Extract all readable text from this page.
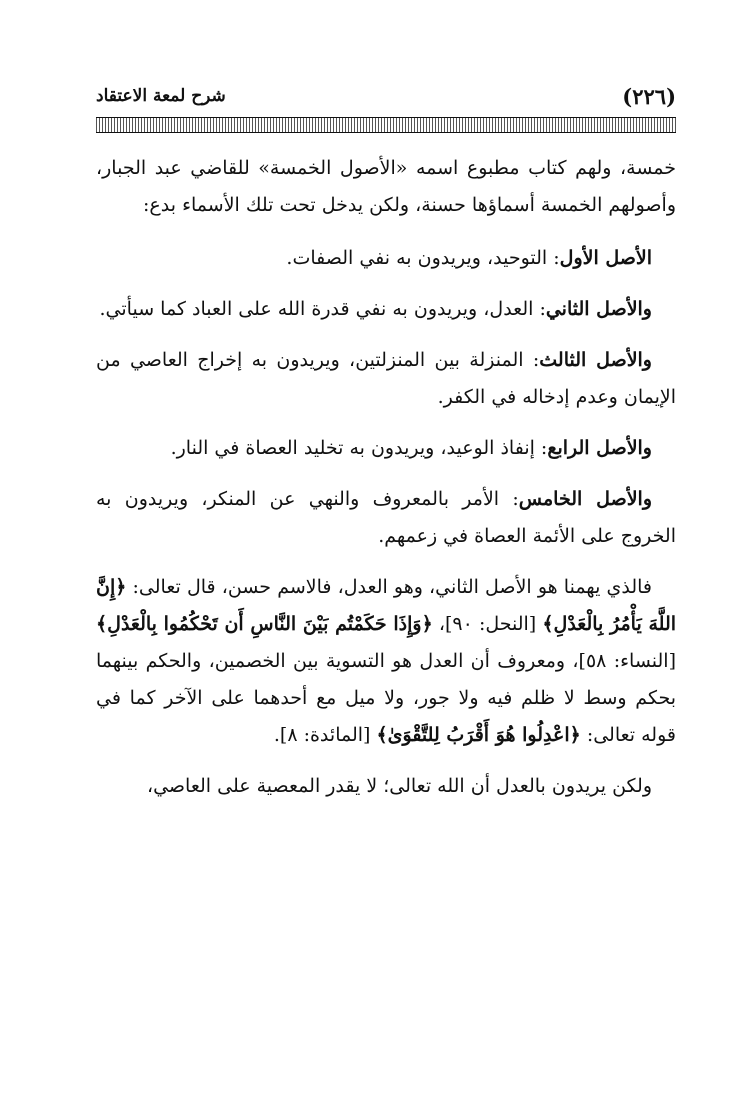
(٢٢٦)
شرح لمعة الاعتقاد

خمسة، ولهم كتاب مطبوع اسمه «الأصول الخمسة» للقاضي عبد الجبار، وأصولهم الخمسة أسماؤها حسنة، ولكن يدخل تحت تلك الأسماء بدع:

الأصل الأول: التوحيد، ويريدون به نفي الصفات.

والأصل الثاني: العدل، ويريدون به نفي قدرة الله على العباد كما سيأتي.

والأصل الثالث: المنزلة بين المنزلتين، ويريدون به إخراج العاصي من الإيمان وعدم إدخاله في الكفر.

والأصل الرابع: إنفاذ الوعيد، ويريدون به تخليد العصاة في النار.

والأصل الخامس: الأمر بالمعروف والنهي عن المنكر، ويريدون به الخروج على الأئمة العصاة في زعمهم.

فالذي يهمنا هو الأصل الثاني، وهو العدل، فالاسم حسن، قال تعالى: ﴿إِنَّ اللَّهَ يَأْمُرُ بِالْعَدْلِ﴾ [النحل: ٩٠]، ﴿وَإِذَا حَكَمْتُم بَيْنَ النَّاسِ أَن تَحْكُمُوا بِالْعَدْلِ﴾ [النساء: ٥٨]، ومعروف أن العدل هو التسوية بين الخصمين، والحكم بينهما بحكم وسط لا ظلم فيه ولا جور، ولا ميل مع أحدهما على الآخر كما في قوله تعالى: ﴿اعْدِلُوا هُوَ أَقْرَبُ لِلتَّقْوَىٰ﴾ [المائدة: ٨].

ولكن يريدون بالعدل أن الله تعالى؛ لا يقدر المعصية على العاصي،
